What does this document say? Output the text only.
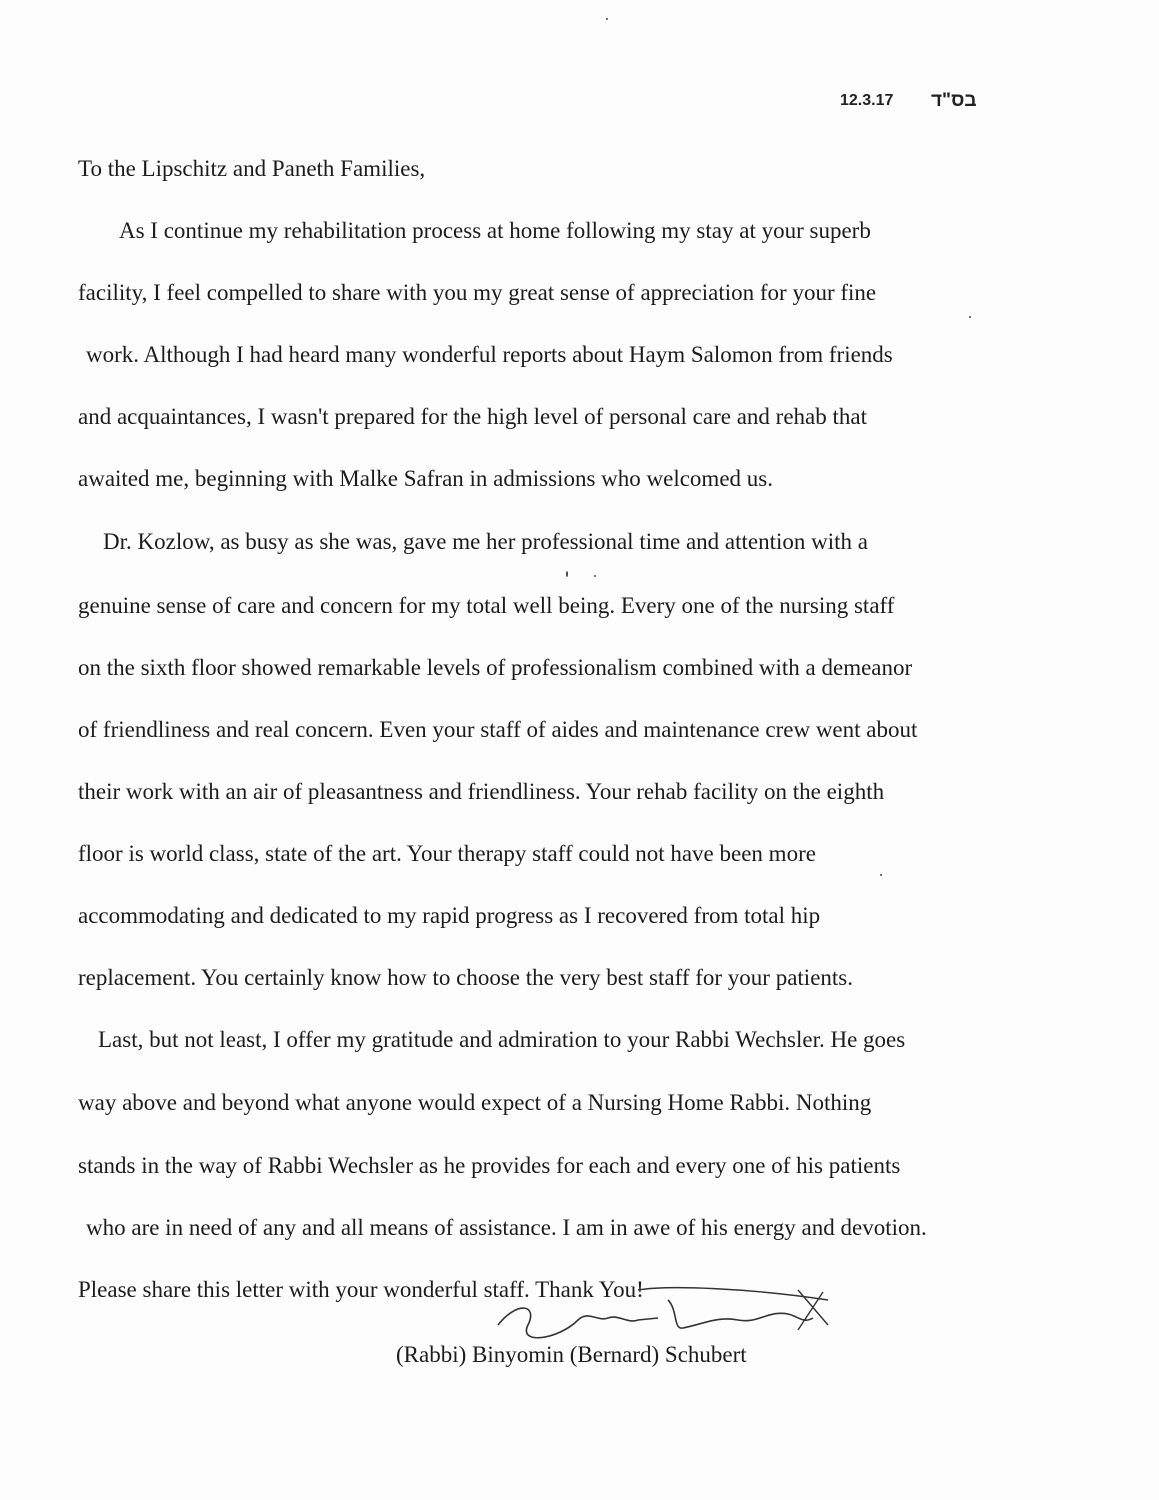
12.3.17 בס"ד
To the Lipschitz and Paneth Families,
As I continue my rehabilitation process at home following my stay at your superb
facility, I feel compelled to share with you my great sense of appreciation for your fine
work. Although I had heard many wonderful reports about Haym Salomon from friends
and acquaintances, I wasn't prepared for the high level of personal care and rehab that
awaited me, beginning with Malke Safran in admissions who welcomed us.
Dr. Kozlow, as busy as she was, gave me her professional time and attention with a
genuine sense of care and concern for my total well being. Every one of the nursing staff
on the sixth floor showed remarkable levels of professionalism combined with a demeanor
of friendliness and real concern. Even your staff of aides and maintenance crew went about
their work with an air of pleasantness and friendliness. Your rehab facility on the eighth
floor is world class, state of the art. Your therapy staff could not have been more
accommodating and dedicated to my rapid progress as I recovered from total hip
replacement. You certainly know how to choose the very best staff for your patients.
Last, but not least, I offer my gratitude and admiration to your Rabbi Wechsler. He goes
way above and beyond what anyone would expect of a Nursing Home Rabbi. Nothing
stands in the way of Rabbi Wechsler as he provides for each and every one of his patients
who are in need of any and all means of assistance. I am in awe of his energy and devotion.
Please share this letter with your wonderful staff. Thank You!
(Rabbi) Binyomin (Bernard) Schubert
